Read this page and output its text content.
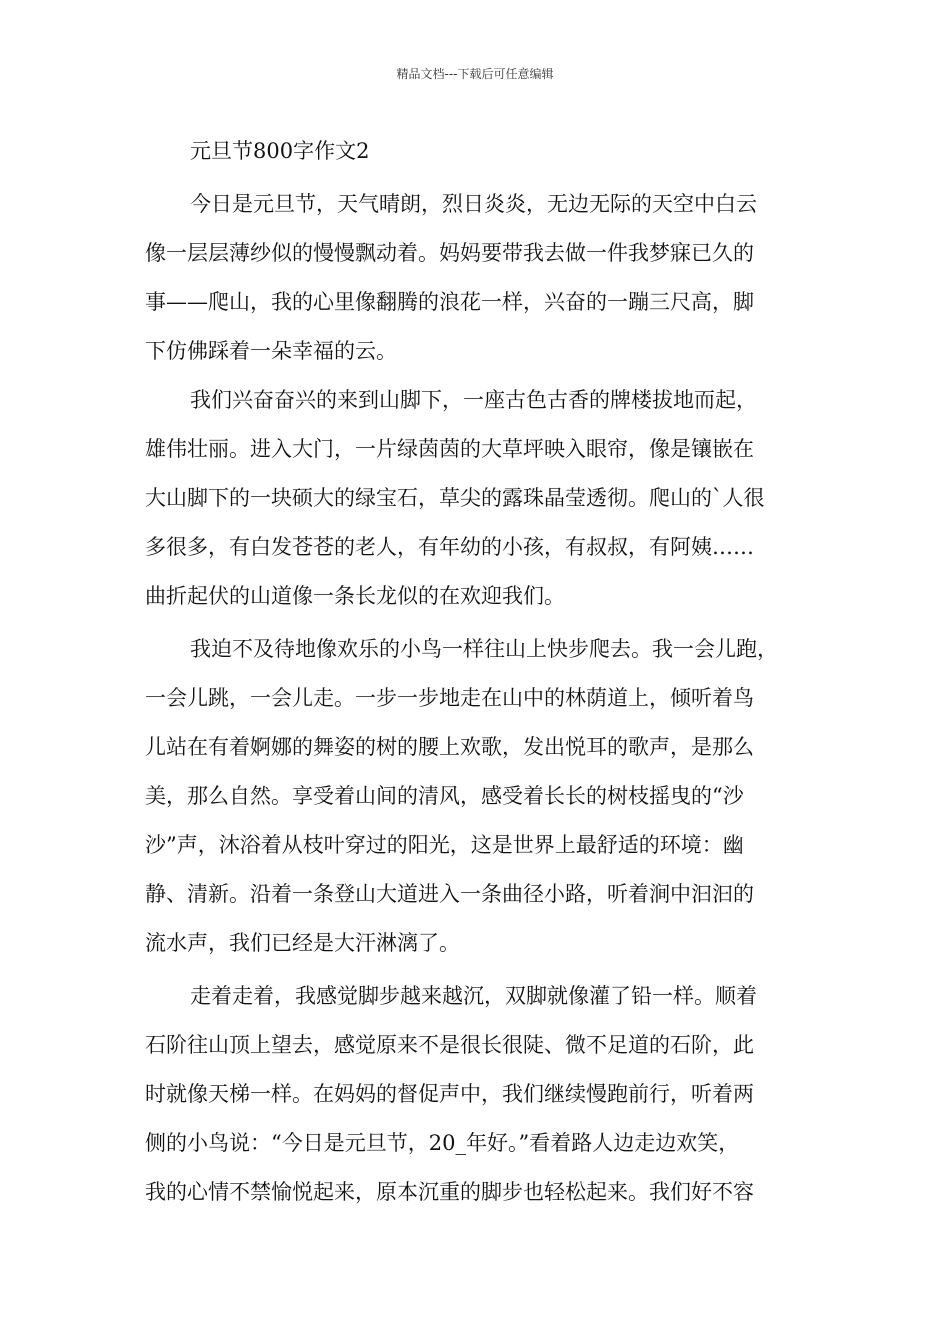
精品文档---下载后可任意编辑
元旦节800字作文2
今日是元旦节，天气晴朗，烈日炎炎，无边无际的天空中白云
像一层层薄纱似的慢慢飘动着。妈妈要带我去做一件我梦寐已久的
事——爬山，我的心里像翻腾的浪花一样，兴奋的一蹦三尺高，脚
下仿佛踩着一朵幸福的云。
我们兴奋奋兴的来到山脚下，一座古色古香的牌楼拔地而起，
雄伟壮丽。进入大门，一片绿茵茵的大草坪映入眼帘，像是镶嵌在
大山脚下的一块硕大的绿宝石，草尖的露珠晶莹透彻。爬山的`人很
多很多，有白发苍苍的老人，有年幼的小孩，有叔叔，有阿姨……
曲折起伏的山道像一条长龙似的在欢迎我们。
我迫不及待地像欢乐的小鸟一样往山上快步爬去。我一会儿跑，
一会儿跳，一会儿走。一步一步地走在山中的林荫道上，倾听着鸟
儿站在有着婀娜的舞姿的树的腰上欢歌，发出悦耳的歌声，是那么
美，那么自然。享受着山间的清风，感受着长长的树枝摇曳的“沙
沙”声，沐浴着从枝叶穿过的阳光，这是世界上最舒适的环境：幽
静、清新。沿着一条登山大道进入一条曲径小路，听着涧中汩汩的
流水声，我们已经是大汗淋漓了。
走着走着，我感觉脚步越来越沉，双脚就像灌了铅一样。顺着
石阶往山顶上望去，感觉原来不是很长很陡、微不足道的石阶，此
时就像天梯一样。在妈妈的督促声中，我们继续慢跑前行，听着两
侧的小鸟说：“今日是元旦节，20_年好。”看着路人边走边欢笑，
我的心情不禁愉悦起来，原本沉重的脚步也轻松起来。我们好不容
